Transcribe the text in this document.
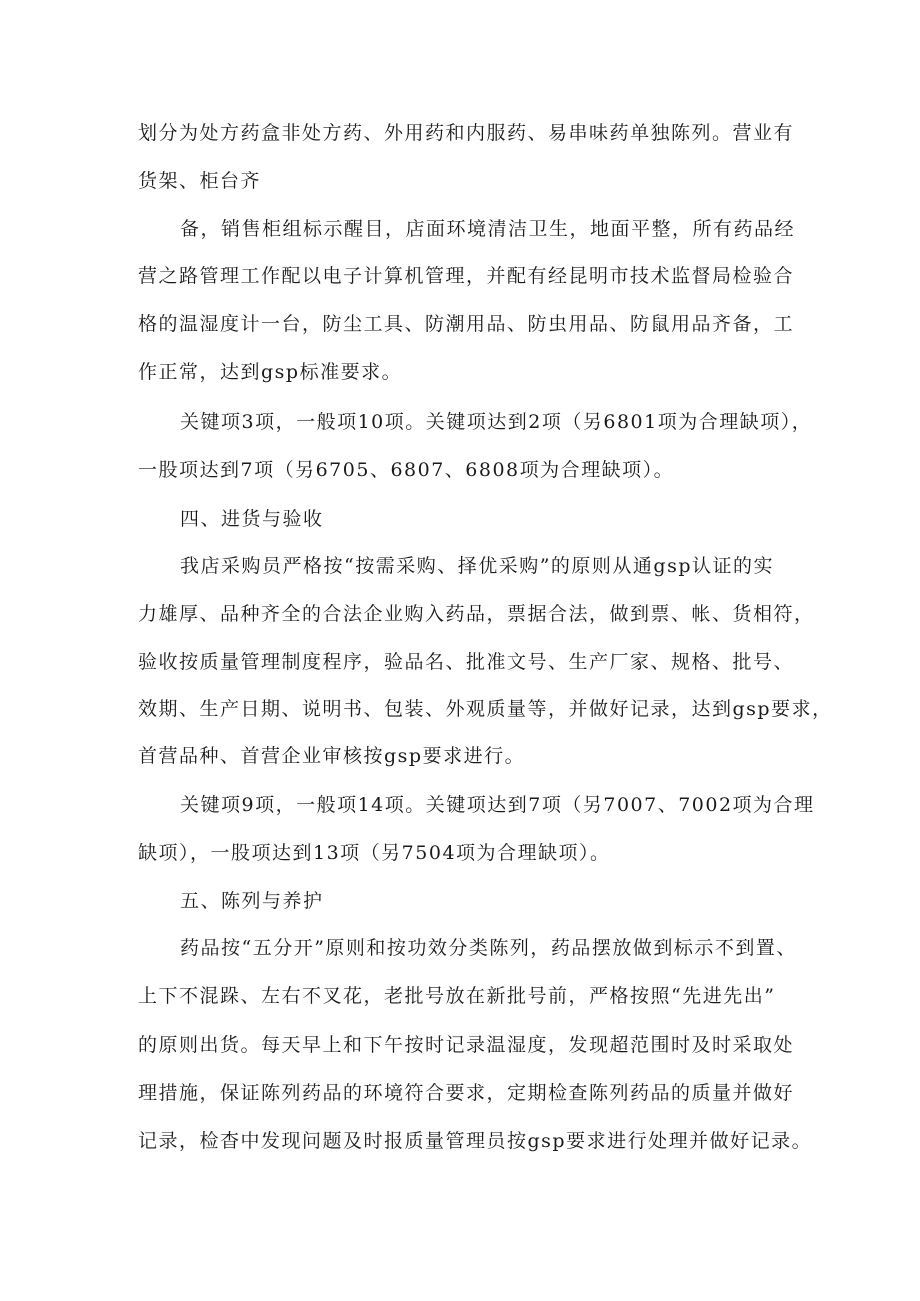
划分为处方药盒非处方药、外用药和内服药、易串味药单独陈列。营业有
货架、柜台齐
备，销售柜组标示醒目，店面环境清洁卫生，地面平整，所有药品经
营之路管理工作配以电子计算机管理，并配有经昆明市技术监督局检验合
格的温湿度计一台，防尘工具、防潮用品、防虫用品、防鼠用品齐备，工
作正常，达到gsp标准要求。
关键项3项，一般项10项。关键项达到2项（另6801项为合理缺项），
一股项达到7项（另6705、6807、6808项为合理缺项）。
四、进货与验收
我店采购员严格按“按需采购、择优采购”的原则从通gsp认证的实
力雄厚、品种齐全的合法企业购入药品，票据合法，做到票、帐、货相符，
验收按质量管理制度程序，验品名、批准文号、生产厂家、规格、批号、
效期、生产日期、说明书、包装、外观质量等，并做好记录，达到gsp要求，
首营品种、首营企业审核按gsp要求进行。
关键项9项，一般项14项。关键项达到7项（另7007、7002项为合理
缺项），一股项达到13项（另7504项为合理缺项）。
五、陈列与养护
药品按“五分开”原则和按功效分类陈列，药品摆放做到标示不到置、
上下不混跺、左右不叉花，老批号放在新批号前，严格按照“先进先出”
的原则出货。每天早上和下午按时记录温湿度，发现超范围时及时采取处
理措施，保证陈列药品的环境符合要求，定期检查陈列药品的质量并做好
记录，检杳中发现问题及时报质量管理员按gsp要求进行处理并做好记录。
